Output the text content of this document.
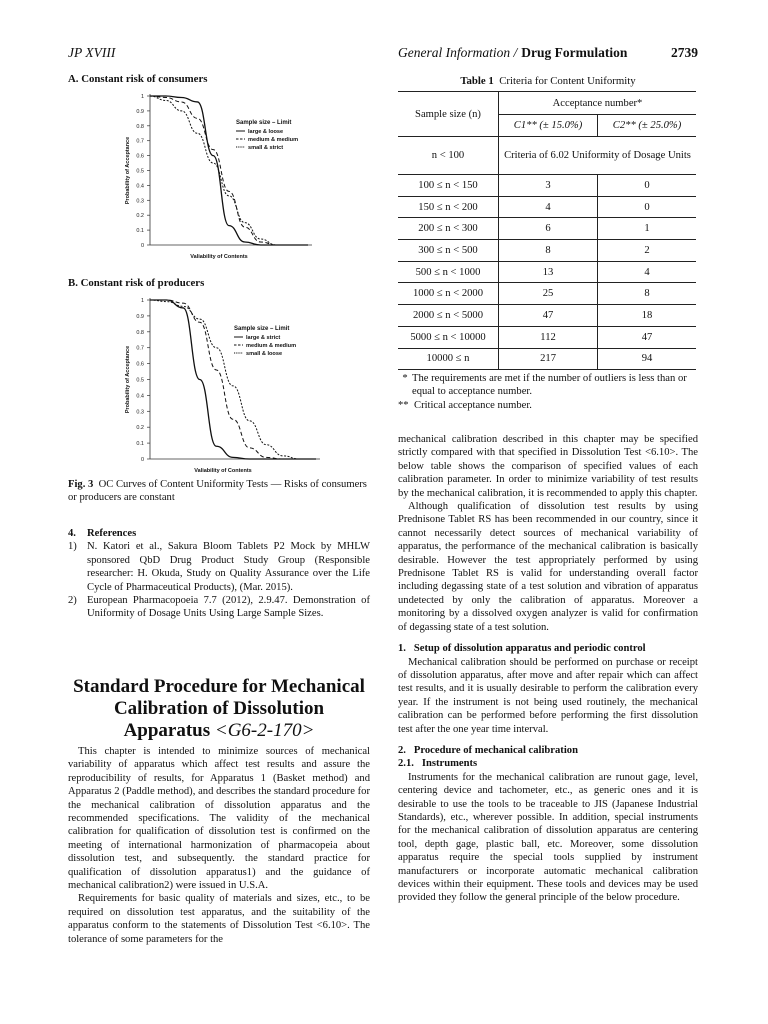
JP XVIII	General Information / Drug Formulation	2739
A. Constant risk of consumers
B. Constant risk of producers
0
0.1
0.2
0.3
0.4
0.5
0.6
0.7
0.8
0.9
1
Sample size – Limit
large & loose
medium & medium
small & strict
Valiability of Contents
Probability of Acceptance
0
0.1
0.2
0.3
0.4
0.5
0.6
0.7
0.8
0.9
1
Sample size – Limit
large & strict
medium & medium
small & loose
Valiability of Contents
Probability of Acceptance
Fig. 3 OC Curves of Content Uniformity Tests — Risks of consumers or producers are constant
4. References
1) N. Katori et al., Sakura Bloom Tablets P2 Mock by MHLW sponsored QbD Drug Product Study Group (Responsible researcher: H. Okuda, Study on Quality Assurance over the Life Cycle of Pharmaceutical Products), (Mar. 2015).
2) European Pharmacopoeia 7.7 (2012), 2.9.47. Demonstration of Uniformity of Dosage Units Using Large Sample Sizes.
Standard Procedure for Mechanical
Calibration of Dissolution
Apparatus <G6-2-170>

This chapter is intended to minimize sources of mechanical variability of apparatus which affect test results and assure the reproducibility of results, for Apparatus 1 (Basket method) and Apparatus 2 (Paddle method), and describes the standard procedure for the mechanical calibration of dissolution apparatus and the recommended specifications. The validity of the mechanical calibration for qualification of dissolution test is confirmed on the meeting of international harmonization of pharmacopeia about dissolution test, and subsequently. the standard practice for qualification of dissolution apparatus1) and the guidance of mechanical calibration2) were issued in U.S.A.

Requirements for basic quality of materials and sizes, etc., to be required on dissolution test apparatus, and the suitability of the apparatus conform to the statements of Dissolution Test <6.10>. The tolerance of some parameters for the

Table 1 Criteria for Content Uniformity
Sample size (n)	Acceptance number*	
	C1** (± 15.0%)	C2** (± 25.0%)
n < 100	Criteria of 6.02 Uniformity of Dosage Units	
100 ≤ n < 150	3	0
150 ≤ n < 200	4	0
200 ≤ n < 300	6	1
300 ≤ n < 500	8	2
500 ≤ n < 1000	13	4
1000 ≤ n < 2000	25	8
2000 ≤ n < 5000	47	18
5000 ≤ n < 10000	112	47
10000 ≤ n	217	94
* The requirements are met if the number of outliers is less than or equal to acceptance number.
** Critical acceptance number.

mechanical calibration described in this chapter may be specified strictly compared with that specified in Dissolution Test <6.10>. The below table shows the comparison of specified values of each calibration parameter. In order to minimize variability of test results by the mechanical calibration, it is recommended to apply this chapter.

Although qualification of dissolution test results by using Prednisone Tablet RS has been recommended in our country, since it cannot necessarily detect sources of mechanical variability of apparatus, the performance of the mechanical calibration is basically desirable. However the test appropriately performed by using Prednisone Tablet RS is valid for understanding overall factor including degassing state of a test solution and vibration of apparatus undetected by only the calibration of apparatus. Moreover a monitoring by a dissolved oxygen analyzer is valid for confirmation of degassing state of a test solution.

1.   Setup of dissolution apparatus and periodic control

Mechanical calibration should be performed on purchase or receipt of dissolution apparatus, after move and after repair which can affect test results, and it is usually desirable to perform the calibration every year. If the instrument is not being used routinely, the mechanical calibration can be performed before performing the first dissolution test after the one year time interval.

2.   Procedure of mechanical calibration
2.1.   Instruments

Instruments for the mechanical calibration are runout gage, level, centering device and tachometer, etc., as generic ones and it is desirable to use the tools to be traceable to JIS (Japanese Industrial Standards), etc., wherever possible. In addition, special instruments for the mechanical calibration of dissolution apparatus are centering tool, depth gage, plastic ball, etc. Moreover, some dissolution apparatus require the special tools supplied by instrument manufacturers or incorporate automatic mechanical calibration devices within their equipment. These tools and devices may be used provided they follow the general principle of the below procedure.
